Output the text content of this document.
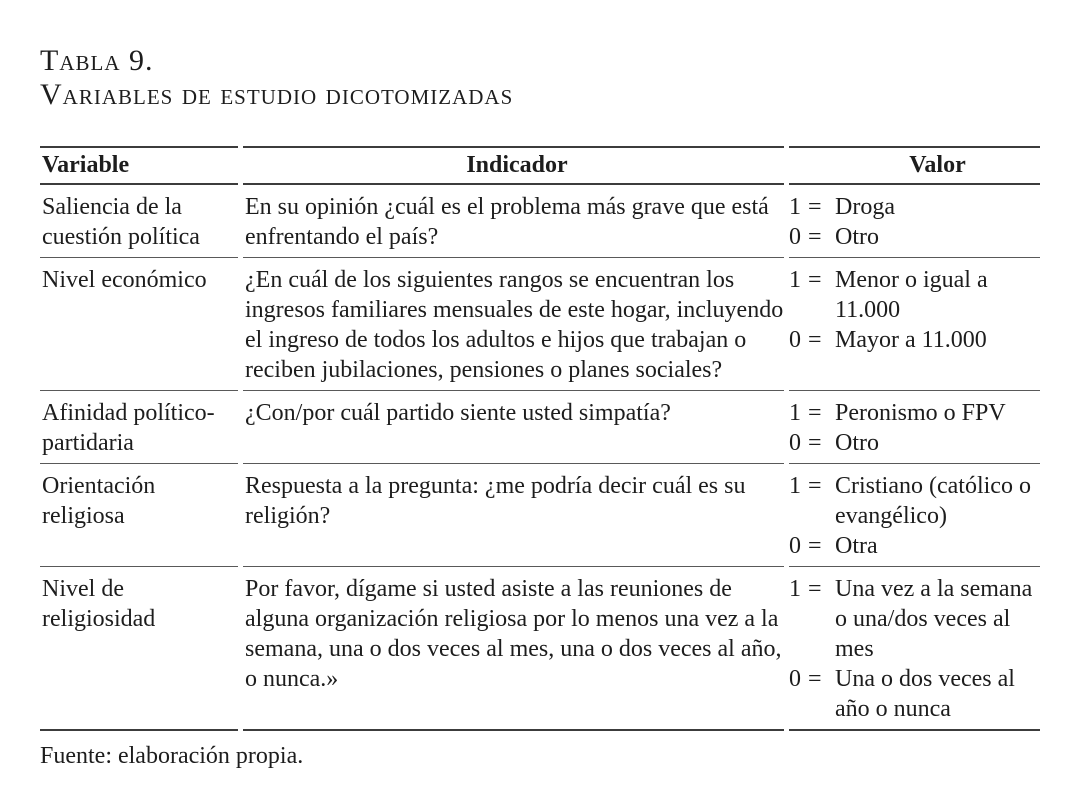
Tabla 9.
Variables de estudio dicotomizadas
Variable	Indicador	Valor
Saliencia de la cuestión política	En su opinión ¿cuál es el problema más grave que está enfrentando el país?	
1 = Droga
0 = Otro

Nivel económico	¿En cuál de los siguientes rangos se encuentran los ingresos familiares mensuales de este hogar, incluyendo el ingreso de todos los adultos e hijos que trabajan o reciben jubilaciones, pensiones o planes sociales?	
1 = Menor o igual a 11.000
0 = Mayor a 11.000

Afinidad político-partidaria	¿Con/por cuál partido siente usted simpatía?	1 = Peronismo o FPV
0 = Otro

Orientación religiosa	Respuesta a la pregunta: ¿me podría decir cuál es su religión?	
1 = Cristiano (católico o evangélico)
0 = Otra

Nivel de religiosidad	Por favor, dígame si usted asiste a las reuniones de alguna organización religiosa por lo menos una vez a la semana, una o dos veces al mes, una o dos veces al año, o nunca.»	
1 = Una vez a la semana o una/dos veces al mes
0 = Una o dos veces al año o nunca
Fuente: elaboración propia.
